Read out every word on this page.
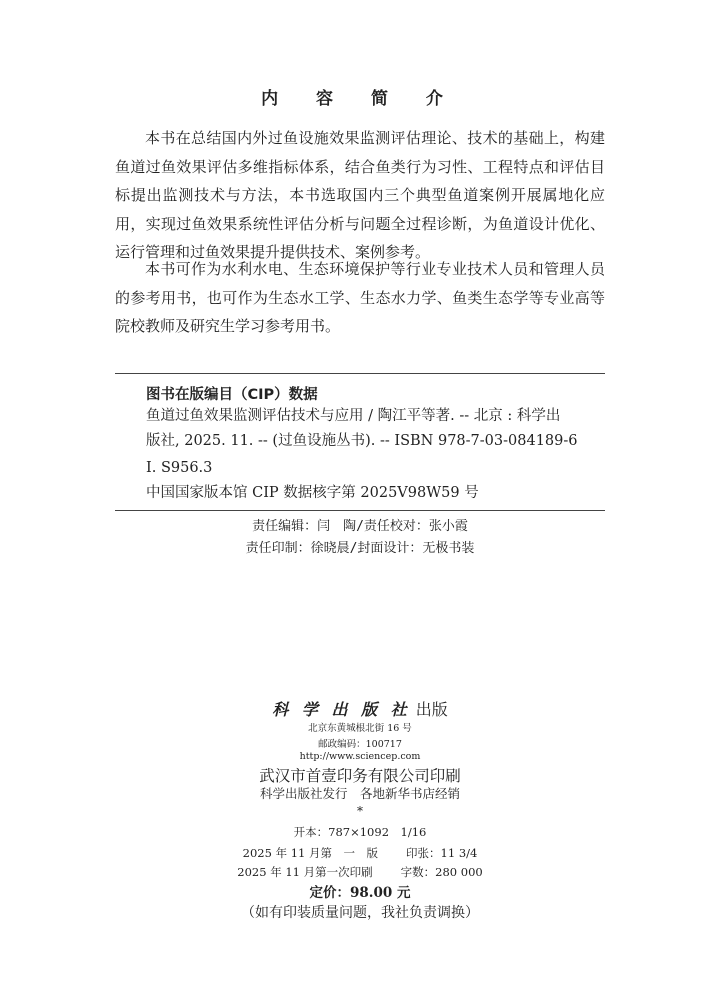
内 容 简 介
本书在总结国内外过鱼设施效果监测评估理论、技术的基础上，构建鱼道过鱼效果评估多维指标体系，结合鱼类行为习性、工程特点和评估目标提出监测技术与方法，本书选取国内三个典型鱼道案例开展属地化应用，实现过鱼效果系统性评估分析与问题全过程诊断，为鱼道设计优化、运行管理和过鱼效果提升提供技术、案例参考。
本书可作为水利水电、生态环境保护等行业专业技术人员和管理人员的参考用书，也可作为生态水工学、生态水力学、鱼类生态学等专业高等院校教师及研究生学习参考用书。
图书在版编目（CIP）数据
鱼道过鱼效果监测评估技术与应用 / 陶江平等著. -- 北京 : 科学出
版社, 2025. 11. -- (过鱼设施丛书). -- ISBN 978-7-03-084189-6
I. S956.3
中国国家版本馆 CIP 数据核字第 2025V98W59 号
责任编辑：闫　陶/责任校对：张小霞
责任印制：徐晓晨/封面设计：无极书装
科 学 出 版 社 出版
北京东黄城根北街 16 号
邮政编码：100717
http://www.sciencep.com
武汉市首壹印务有限公司印刷
科学出版社发行　各地新华书店经销
*
开本：787×1092　1/16
2025 年 11 月第　一　版 印张：11 3/4
2025 年 11 月第一次印刷 字数：280 000
定价：98.00 元
（如有印装质量问题，我社负责调换）
